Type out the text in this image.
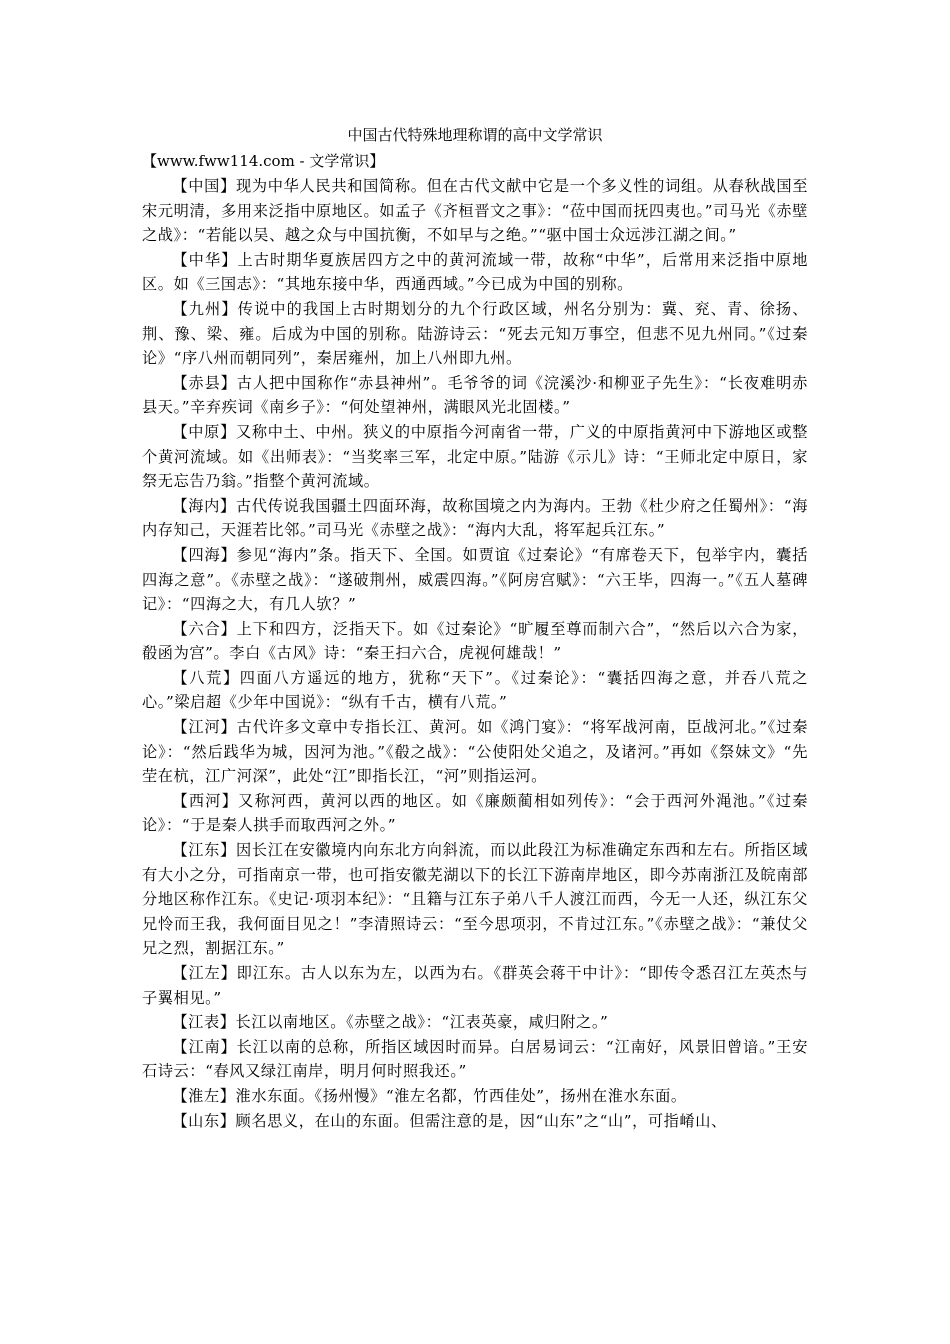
中国古代特殊地理称谓的高中文学常识

【www.fww114.com - 文学常识】

【中国】现为中华人民共和国简称。但在古代文献中它是一个多义性的词组。从春秋战国至宋元明清，多用来泛指中原地区。如孟子《齐桓晋文之事》：“莅中国而抚四夷也。”司马光《赤壁之战》：“若能以吴、越之众与中国抗衡，不如早与之绝。”“驱中国士众远涉江湖之间。”

【中华】上古时期华夏族居四方之中的黄河流域一带，故称“中华”，后常用来泛指中原地区。如《三国志》：“其地东接中华，西通西域。”今已成为中国的别称。

【九州】传说中的我国上古时期划分的九个行政区域，州名分别为：冀、兖、青、徐扬、荆、豫、梁、雍。后成为中国的别称。陆游诗云：“死去元知万事空，但悲不见九州同。”《过秦论》“序八州而朝同列”，秦居雍州，加上八州即九州。

【赤县】古人把中国称作“赤县神州”。毛爷爷的词《浣溪沙·和柳亚子先生》：“长夜难明赤县天。”辛弃疾词《南乡子》：“何处望神州，满眼风光北固楼。”

【中原】又称中土、中州。狭义的中原指今河南省一带，广义的中原指黄河中下游地区或整个黄河流域。如《出师表》：“当奖率三军，北定中原。”陆游《示儿》诗：“王师北定中原日，家祭无忘告乃翁。”指整个黄河流域。

【海内】古代传说我国疆土四面环海，故称国境之内为海内。王勃《杜少府之任蜀州》：“海内存知己，天涯若比邻。”司马光《赤壁之战》：“海内大乱，将军起兵江东。”

【四海】参见“海内”条。指天下、全国。如贾谊《过秦论》“有席卷天下，包举宇内，囊括四海之意”。《赤壁之战》：“遂破荆州，威震四海。”《阿房宫赋》：“六王毕，四海一。”《五人墓碑记》：“四海之大，有几人欤？”

【六合】上下和四方，泛指天下。如《过秦论》“旷履至尊而制六合”，“然后以六合为家，殽函为宫”。李白《古风》诗：“秦王扫六合，虎视何雄哉！”

【八荒】四面八方遥远的地方，犹称“天下”。《过秦论》：“囊括四海之意，并吞八荒之心。”梁启超《少年中国说》：“纵有千古，横有八荒。”

【江河】古代许多文章中专指长江、黄河。如《鸿门宴》：“将军战河南，臣战河北。”《过秦论》：“然后践华为城，因河为池。”《殽之战》：“公使阳处父追之，及诸河。”再如《祭妹文》“先茔在杭，江广河深”，此处“江”即指长江，“河”则指运河。

【西河】又称河西，黄河以西的地区。如《廉颇蔺相如列传》：“会于西河外渑池。”《过秦论》：“于是秦人拱手而取西河之外。”

【江东】因长江在安徽境内向东北方向斜流，而以此段江为标准确定东西和左右。所指区域有大小之分，可指南京一带，也可指安徽芜湖以下的长江下游南岸地区，即今苏南浙江及皖南部分地区称作江东。《史记·项羽本纪》：“且籍与江东子弟八千人渡江而西，今无一人还，纵江东父兄怜而王我，我何面目见之！”李清照诗云：“至今思项羽，不肯过江东。”《赤壁之战》：“兼仗父兄之烈，割据江东。”

【江左】即江东。古人以东为左，以西为右。《群英会蒋干中计》：“即传令悉召江左英杰与子翼相见。”

【江表】长江以南地区。《赤壁之战》：“江表英豪，咸归附之。”

【江南】长江以南的总称，所指区域因时而异。白居易词云：“江南好，风景旧曾谙。”王安石诗云：“春风又绿江南岸，明月何时照我还。”

【淮左】淮水东面。《扬州慢》“淮左名都，竹西佳处”，扬州在淮水东面。

【山东】顾名思义，在山的东面。但需注意的是，因“山东”之“山”，可指崤山、
